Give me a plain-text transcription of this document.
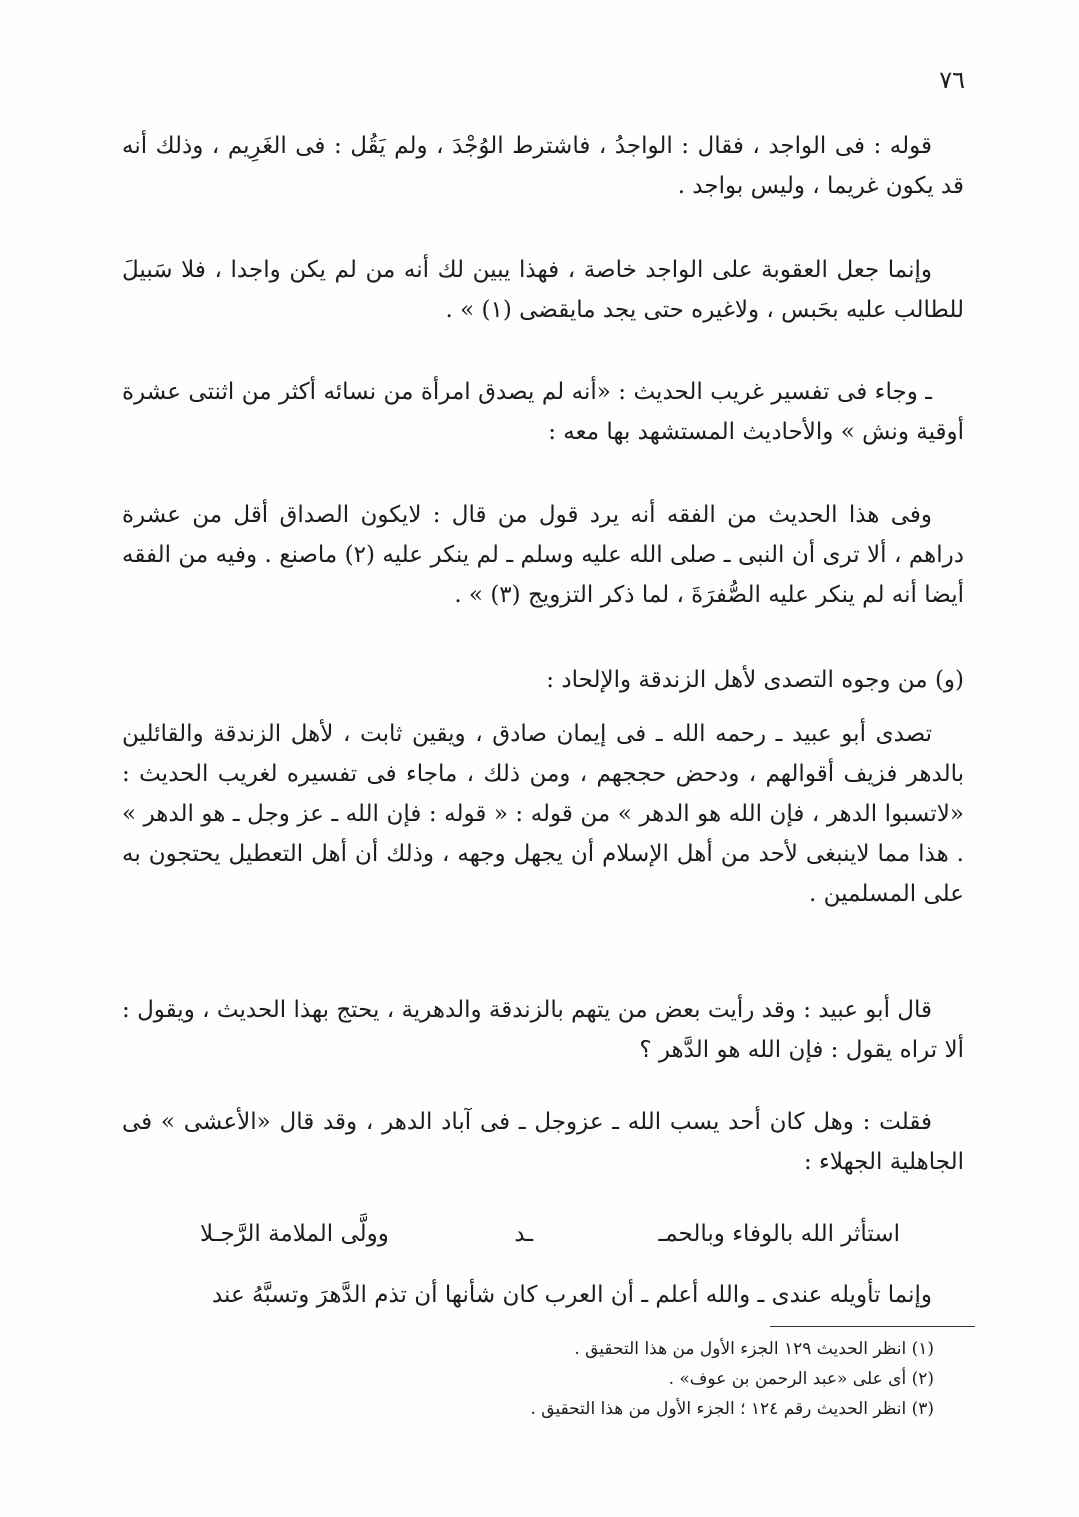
٧٦

قوله : فى الواجد ، فقال : الواجدُ ، فاشترط الوُجْدَ ، ولم يَقُل : فى الغَرِيم ، وذلك أنه قد يكون غريما ، وليس بواجد .

وإنما جعل العقوبة على الواجد خاصة ، فهذا يبين لك أنه من لم يكن واجدا ، فلا سَبيلَ للطالب عليه بحَبس ، ولاغيره حتى يجد مايقضى (١) » .

ـ وجاء فى تفسير غريب الحديث : «أنه لم يصدق امرأة من نسائه أكثر من اثنتى عشرة أوقية ونش » والأحاديث المستشهد بها معه :

وفى هذا الحديث من الفقه أنه يرد قول من قال : لايكون الصداق أقل من عشرة دراهم ، ألا ترى أن النبى ـ صلى الله عليه وسلم ـ لم ينكر عليه (٢) ماصنع . وفيه من الفقه أيضا أنه لم ينكر عليه الصُّفرَةَ ، لما ذكر التزويج (٣) » .

(و) من وجوه التصدى لأهل الزندقة والإلحاد :

تصدى أبو عبيد ـ رحمه الله ـ فى إيمان صادق ، ويقين ثابت ، لأهل الزندقة والقائلين بالدهر فزيف أقوالهم ، ودحض حججهم ، ومن ذلك ، ماجاء فى تفسيره لغريب الحديث : «لاتسبوا الدهر ، فإن الله هو الدهر » من قوله : « قوله : فإن الله ـ عز وجل ـ هو الدهر » . هذا مما لاينبغى لأحد من أهل الإسلام أن يجهل وجهه ، وذلك أن أهل التعطيل يحتجون به على المسلمين .

قال أبو عبيد : وقد رأيت بعض من يتهم بالزندقة والدهرية ، يحتج بهذا الحديث ، ويقول : ألا تراه يقول : فإن الله هو الدَّهر ؟

فقلت : وهل كان أحد يسب الله ـ عزوجل ـ فى آباد الدهر ، وقد قال «الأعشى » فى الجاهلية الجهلاء :

استأثر الله بالوفاء وبالحمـ
ـد
وولَّى الملامة الرَّجـلا

وإنما تأويله عندى ـ والله أعلم ـ أن العرب كان شأنها أن تذم الدَّهرَ وتسبَّهُ عند

(١) انظر الحديث ١٢٩ الجزء الأول من هذا التحقيق .

(٢) أى على «عبد الرحمن بن عوف» .

(٣) انظر الحديث رقم ١٢٤ ؛ الجزء الأول من هذا التحقيق .
